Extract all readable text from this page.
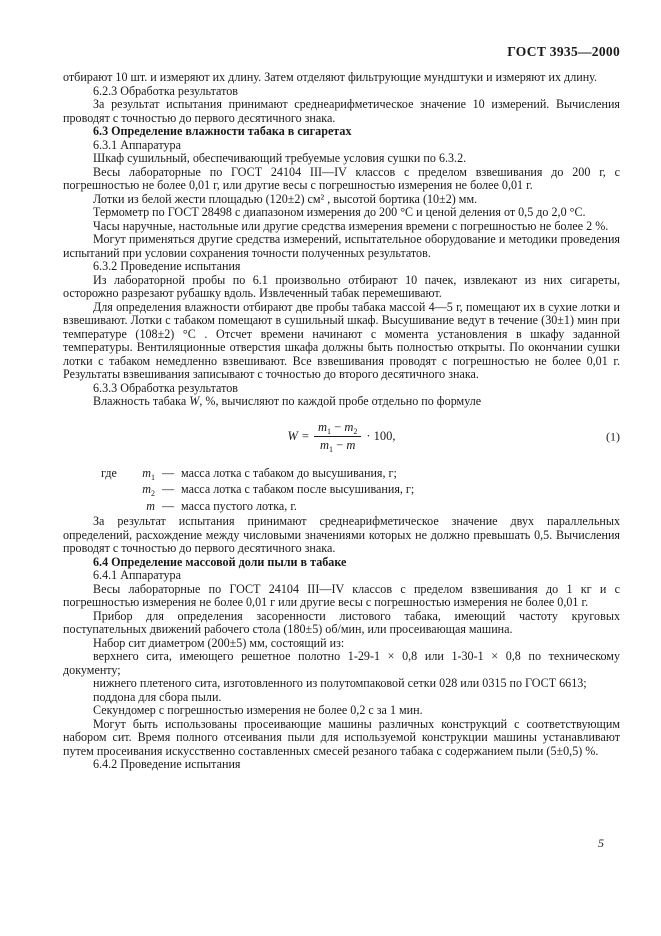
ГОСТ 3935—2000

отбирают 10 шт. и измеряют их длину. Затем отделяют фильтрующие мундштуки и измеряют их длину.

6.2.3 Обработка результатов

За результат испытания принимают среднеарифметическое значение 10 измерений. Вычисления проводят с точностью до первого десятичного знака.

6.3 Определение влажности табака в сигаретах

6.3.1 Аппаратура

Шкаф сушильный, обеспечивающий требуемые условия сушки по 6.3.2.

Весы лабораторные по ГОСТ 24104 III—IV классов с пределом взвешивания до 200 г, с погрешностью не более 0,01 г, или другие весы с погрешностью измерения не более 0,01 г.

Лотки из белой жести площадью (120±2) см² , высотой бортика (10±2) мм.

Термометр по ГОСТ 28498 с диапазоном измерения до 200 °С и ценой деления от 0,5 до 2,0 °С.

Часы наручные, настольные или другие средства измерения времени с погрешностью не более 2 %.

Могут применяться другие средства измерений, испытательное оборудование и методики проведения испытаний при условии сохранения точности полученных результатов.

6.3.2 Проведение испытания

Из лабораторной пробы по 6.1 произвольно отбирают 10 пачек, извлекают из них сигареты, осторожно разрезают рубашку вдоль. Извлеченный табак перемешивают.

Для определения влажности отбирают две пробы табака массой 4—5 г, помещают их в сухие лотки и взвешивают. Лотки с табаком помещают в сушильный шкаф. Высушивание ведут в течение (30±1) мин при температуре (108±2) °С . Отсчет времени начинают с момента установления в шкафу заданной температуры. Вентиляционные отверстия шкафа должны быть полностью открыты. По окончании сушки лотки с табаком немедленно взвешивают. Все взвешивания проводят с погрешностью не более 0,01 г. Результаты взвешивания записывают с точностью до второго десятичного знака.

6.3.3 Обработка результатов

Влажность табака W, %, вычисляют по каждой пробе отдельно по формуле

$W = \frac{m_1 - m_2}{m_1 - m} \cdot 100$,	(1)
где	$m_1$ — масса лотка с табаком до высушивания, г;
$m_2$ — масса лотка с табаком после высушивания, г;
m — масса пустого лотка, г.

За результат испытания принимают среднеарифметическое значение двух параллельных определений, расхождение между числовыми значениями которых не должно превышать 0,5. Вычисления проводят с точностью до первого десятичного знака.

6.4 Определение массовой доли пыли в табаке

6.4.1 Аппаратура

Весы лабораторные по ГОСТ 24104 III—IV классов с пределом взвешивания до 1 кг и с погрешностью измерения не более 0,01 г или другие весы с погрешностью измерения не более 0,01 г.

Прибор для определения засоренности листового табака, имеющий частоту круговых поступательных движений рабочего стола (180±5) об/мин, или просеивающая машина.

Набор сит диаметром (200±5) мм, состоящий из:

верхнего сита, имеющего решетное полотно 1-29-1 × 0,8 или 1-30-1 × 0,8 по техническому документу;

нижнего плетеного сита, изготовленного из полутомпаковой сетки 028 или 0315 по ГОСТ 6613;

поддона для сбора пыли.

Секундомер с погрешностью измерения не более 0,2 с за 1 мин.

Могут быть использованы просеивающие машины различных конструкций с соответствующим набором сит. Время полного отсеивания пыли для используемой конструкции машины устанавливают путем просеивания искусственно составленных смесей резаного табака с содержанием пыли (5±0,5) %.

6.4.2 Проведение испытания

5
